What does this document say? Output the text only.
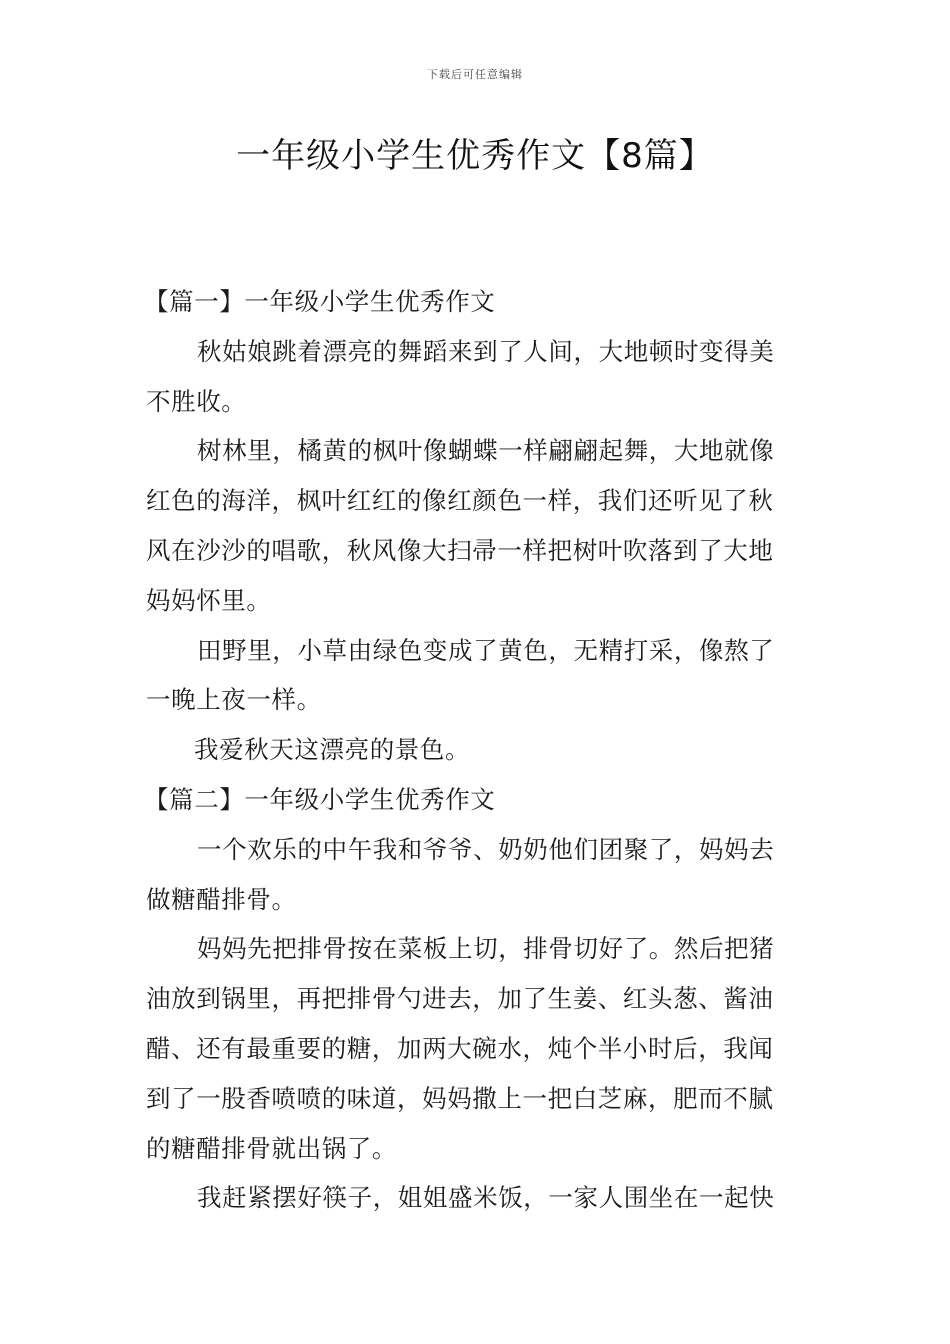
下载后可任意编辑
一年级小学生优秀作文【8篇】
【篇一】一年级小学生优秀作文
秋姑娘跳着漂亮的舞蹈来到了人间，大地顿时变得美
不胜收。
树林里，橘黄的枫叶像蝴蝶一样翩翩起舞，大地就像
红色的海洋，枫叶红红的像红颜色一样，我们还听见了秋
风在沙沙的唱歌，秋风像大扫帚一样把树叶吹落到了大地
妈妈怀里。
田野里，小草由绿色变成了黄色，无精打采，像熬了
一晚上夜一样。
我爱秋天这漂亮的景色。
【篇二】一年级小学生优秀作文
一个欢乐的中午我和爷爷、奶奶他们团聚了，妈妈去
做糖醋排骨。
妈妈先把排骨按在菜板上切，排骨切好了。然后把猪
油放到锅里，再把排骨勺进去，加了生姜、红头葱、酱油
醋、还有最重要的糖，加两大碗水，炖个半小时后，我闻
到了一股香喷喷的味道，妈妈撒上一把白芝麻，肥而不腻
的糖醋排骨就出锅了。
我赶紧摆好筷子，姐姐盛米饭，一家人围坐在一起快
